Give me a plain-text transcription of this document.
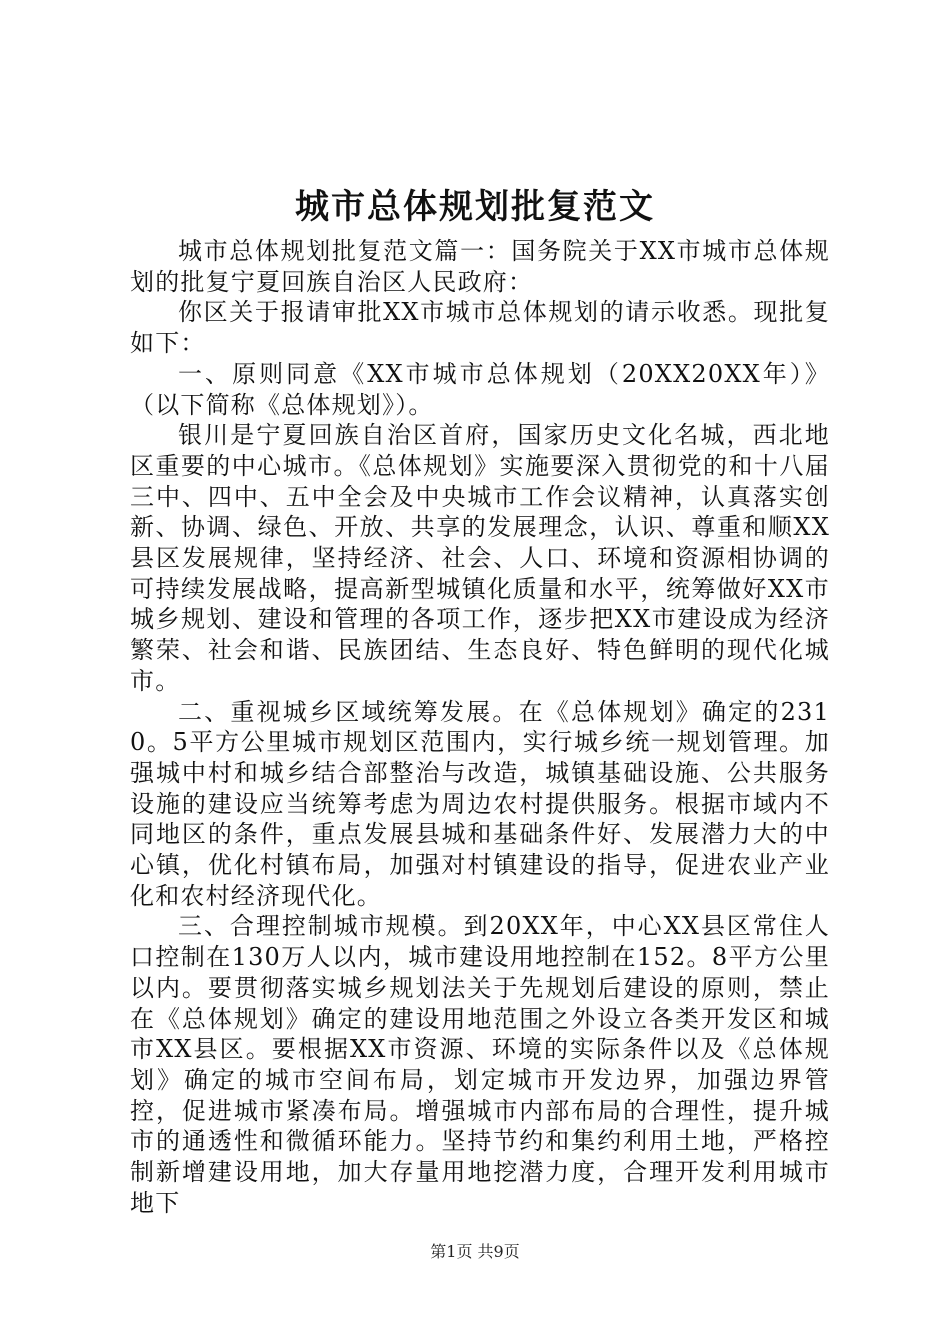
城市总体规划批复范文

城市总体规划批复范文篇一：国务院关于XX市城市总体规划的批复宁夏回族自治区人民政府：

你区关于报请审批XX市城市总体规划的请示收悉。现批复如下：

一、原则同意《XX市城市总体规划（20XX20XX年）》（以下简称《总体规划》）。

银川是宁夏回族自治区首府，国家历史文化名城，西北地区重要的中心城市。《总体规划》实施要深入贯彻党的和十八届三中、四中、五中全会及中央城市工作会议精神，认真落实创新、协调、绿色、开放、共享的发展理念，认识、尊重和顺XX县区发展规律，坚持经济、社会、人口、环境和资源相协调的可持续发展战略，提高新型城镇化质量和水平，统筹做好XX市城乡规划、建设和管理的各项工作，逐步把XX市建设成为经济繁荣、社会和谐、民族团结、生态良好、特色鲜明的现代化城市。

二、重视城乡区域统筹发展。在《总体规划》确定的2310。5平方公里城市规划区范围内，实行城乡统一规划管理。加强城中村和城乡结合部整治与改造，城镇基础设施、公共服务设施的建设应当统筹考虑为周边农村提供服务。根据市域内不同地区的条件，重点发展县城和基础条件好、发展潜力大的中心镇，优化村镇布局，加强对村镇建设的指导，促进农业产业化和农村经济现代化。

三、合理控制城市规模。到20XX年，中心XX县区常住人口控制在130万人以内，城市建设用地控制在152。8平方公里以内。要贯彻落实城乡规划法关于先规划后建设的原则，禁止在《总体规划》确定的建设用地范围之外设立各类开发区和城市XX县区。要根据XX市资源、环境的实际条件以及《总体规划》确定的城市空间布局，划定城市开发边界，加强边界管控，促进城市紧凑布局。增强城市内部布局的合理性，提升城市的通透性和微循环能力。坚持节约和集约利用土地，严格控制新增建设用地，加大存量用地挖潜力度，合理开发利用城市地下

第1页 共9页
